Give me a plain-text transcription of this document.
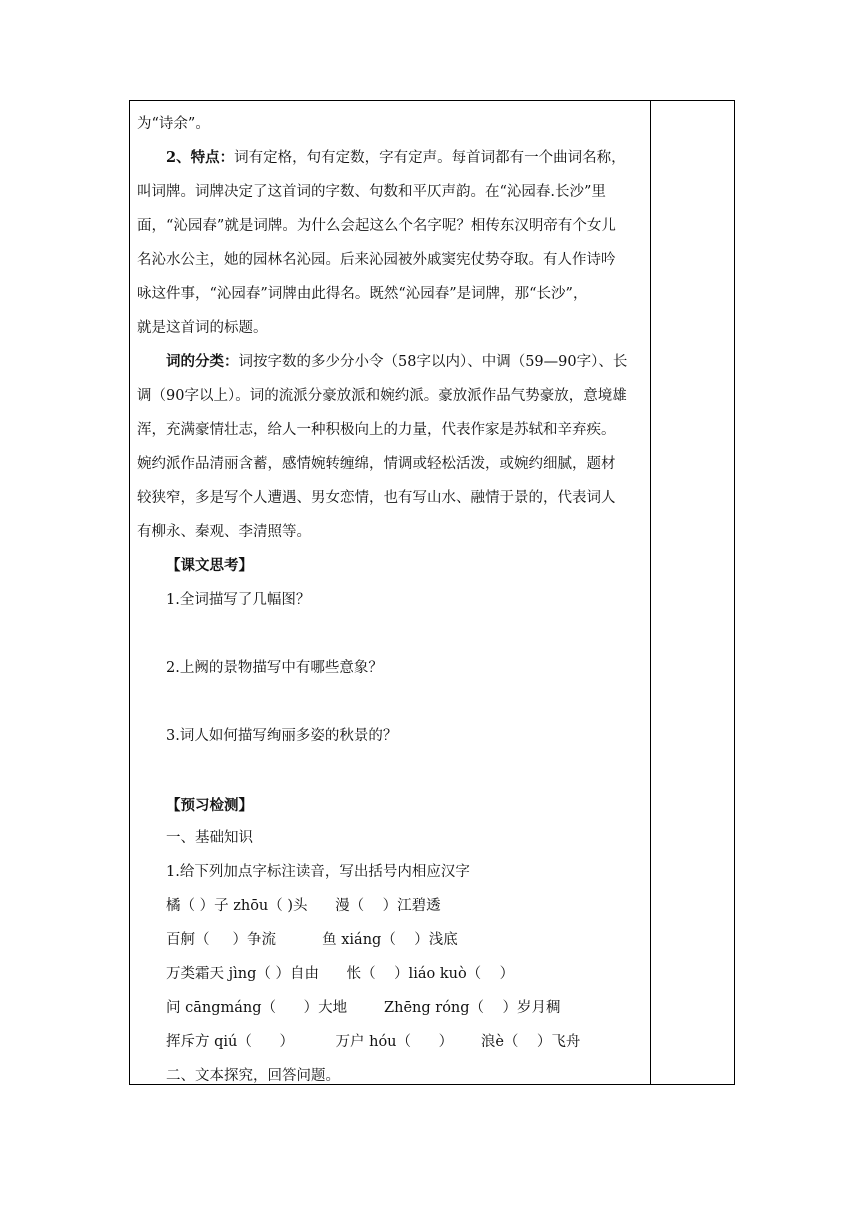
为“诗余”。
2、特点：词有定格，句有定数，字有定声。每首词都有一个曲词名称，
叫词牌。词牌决定了这首词的字数、句数和平仄声韵。在“沁园春.长沙”里
面，“沁园春”就是词牌。为什么会起这么个名字呢？相传东汉明帝有个女儿
名沁水公主，她的园林名沁园。后来沁园被外戚窦宪仗势夺取。有人作诗吟
咏这件事，“沁园春”词牌由此得名。既然“沁园春”是词牌，那“长沙”，
就是这首词的标题。
词的分类：词按字数的多少分小令（58字以内）、中调（59—90字）、长
调（90字以上）。词的流派分豪放派和婉约派。豪放派作品气势豪放，意境雄
浑，充满豪情壮志，给人一种积极向上的力量，代表作家是苏轼和辛弃疾。
婉约派作品清丽含蓄，感情婉转缠绵，情调或轻松活泼，或婉约细腻，题材
较狭窄，多是写个人遭遇、男女恋情，也有写山水、融情于景的，代表词人
有柳永、秦观、李清照等。
【课文思考】
1.全词描写了几幅图？
2.上阙的景物描写中有哪些意象？
3.词人如何描写绚丽多姿的秋景的？
【预习检测】
一、基础知识
1.给下列加点字标注读音，写出括号内相应汉字
橘（ ）子 zhōu（ )头      漫（    ）江碧透
百舸（     ）争流          鱼 xiáng（    ）浅底
万类霜天 jìng（ ）自由      怅（    ）liáo kuò（    ）
问 cāngmáng（      ）大地        Zhēng róng（    ）岁月稠
挥斥方 qiú（      ）         万户 hóu（      ）      浪è（    ）飞舟
二、文本探究，回答问题。
